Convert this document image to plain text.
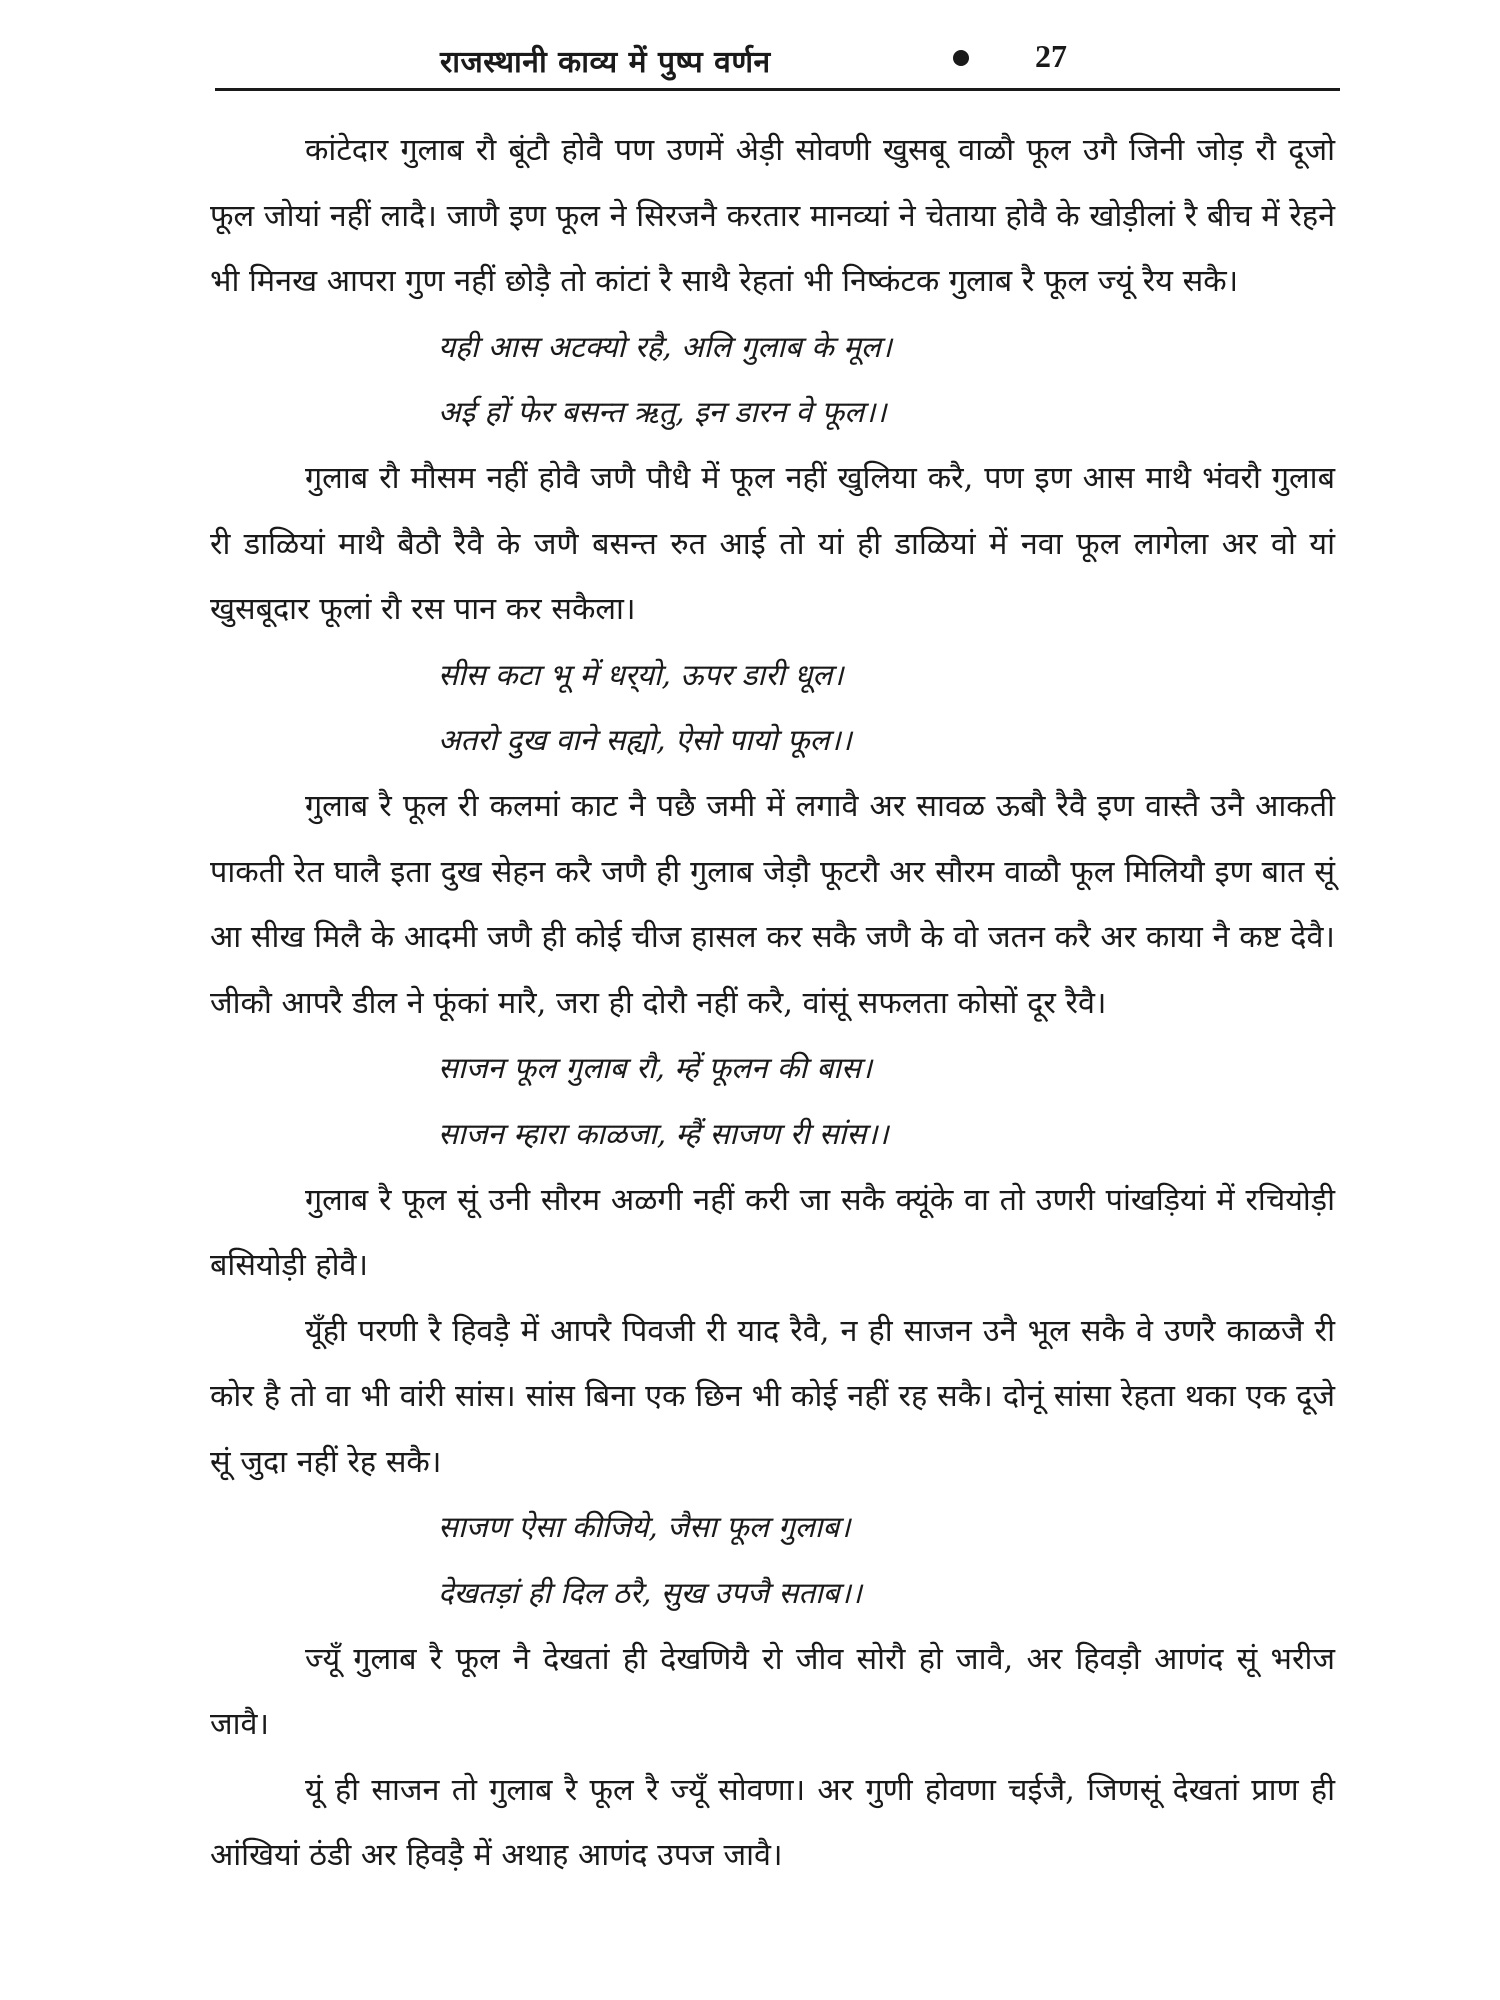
राजस्थानी काव्य में पुष्प वर्णन	27

कांटेदार गुलाब रौ बूंटौ होवै पण उणमें अेड़ी सोवणी खुसबू वाळौ फूल उगै जिनी जोड़ रौ दूजो फूल जोयां नहीं लादै। जाणै इण फूल ने सिरजनै करतार मानव्यां ने चेताया होवै के खोड़ीलां रै बीच में रेहने भी मिनख आपरा गुण नहीं छोड़ै तो कांटां रै साथै रेहतां भी निष्कंटक गुलाब रै फूल ज्यूं रैय सकै।

यही आस अटक्यो रहै, अलि गुलाब के मूल।

अई हों फेर बसन्त ऋतु, इन डारन वे फूल।।

गुलाब रौ मौसम नहीं होवै जणै पौधै में फूल नहीं खुलिया करै, पण इण आस माथै भंवरौ गुलाब री डाळियां माथै बैठौ रैवै के जणै बसन्त रुत आई तो यां ही डाळियां में नवा फूल लागेला अर वो यां खुसबूदार फूलां रौ रस पान कर सकैला।

सीस कटा भू में धर्‌यो, ऊपर डारी धूल।

अतरो दुख वाने सह्यो, ऐसो पायो फूल।।

गुलाब रै फूल री कलमां काट नै पछै जमी में लगावै अर सावळ ऊबौ रैवै इण वास्तै उनै आकती पाकती रेत घालै इता दुख सेहन करै जणै ही गुलाब जेड़ौ फूटरौ अर सौरम वाळौ फूल मिलियौ इण बात सूं आ सीख मिलै के आदमी जणै ही कोई चीज हासल कर सकै जणै के वो जतन करै अर काया नै कष्ट देवै। जीकौ आपरै डील ने फूंकां मारै, जरा ही दोरौ नहीं करै, वांसूं सफलता कोसों दूर रैवै।

साजन फूल गुलाब रौ, म्हें फूलन की बास।

साजन म्हारा काळजा, म्हैं साजण री सांस।।

गुलाब रै फूल सूं उनी सौरम अळगी नहीं करी जा सकै क्यूंके वा तो उणरी पांखड़ियां में रचियोड़ी बसियोड़ी होवै।

यूँही परणी रै हिवड़ै में आपरै पिवजी री याद रैवै, न ही साजन उनै भूल सकै वे उणरै काळजै री कोर है तो वा भी वांरी सांस। सांस बिना एक छिन भी कोई नहीं रह सकै। दोनूं सांसा रेहता थका एक दूजे सूं जुदा नहीं रेह सकै।

साजण ऐसा कीजिये, जैसा फूल गुलाब।

देखतड़ां ही दिल ठरै, सुख उपजै सताब।।

ज्यूँ गुलाब रै फूल नै देखतां ही देखणियै रो जीव सोरौ हो जावै, अर हिवड़ौ आणंद सूं भरीज जावै।

यूं ही साजन तो गुलाब रै फूल रै ज्यूँ सोवणा। अर गुणी होवणा चईजै, जिणसूं देखतां प्राण ही आंखियां ठंडी अर हिवड़ै में अथाह आणंद उपज जावै।
